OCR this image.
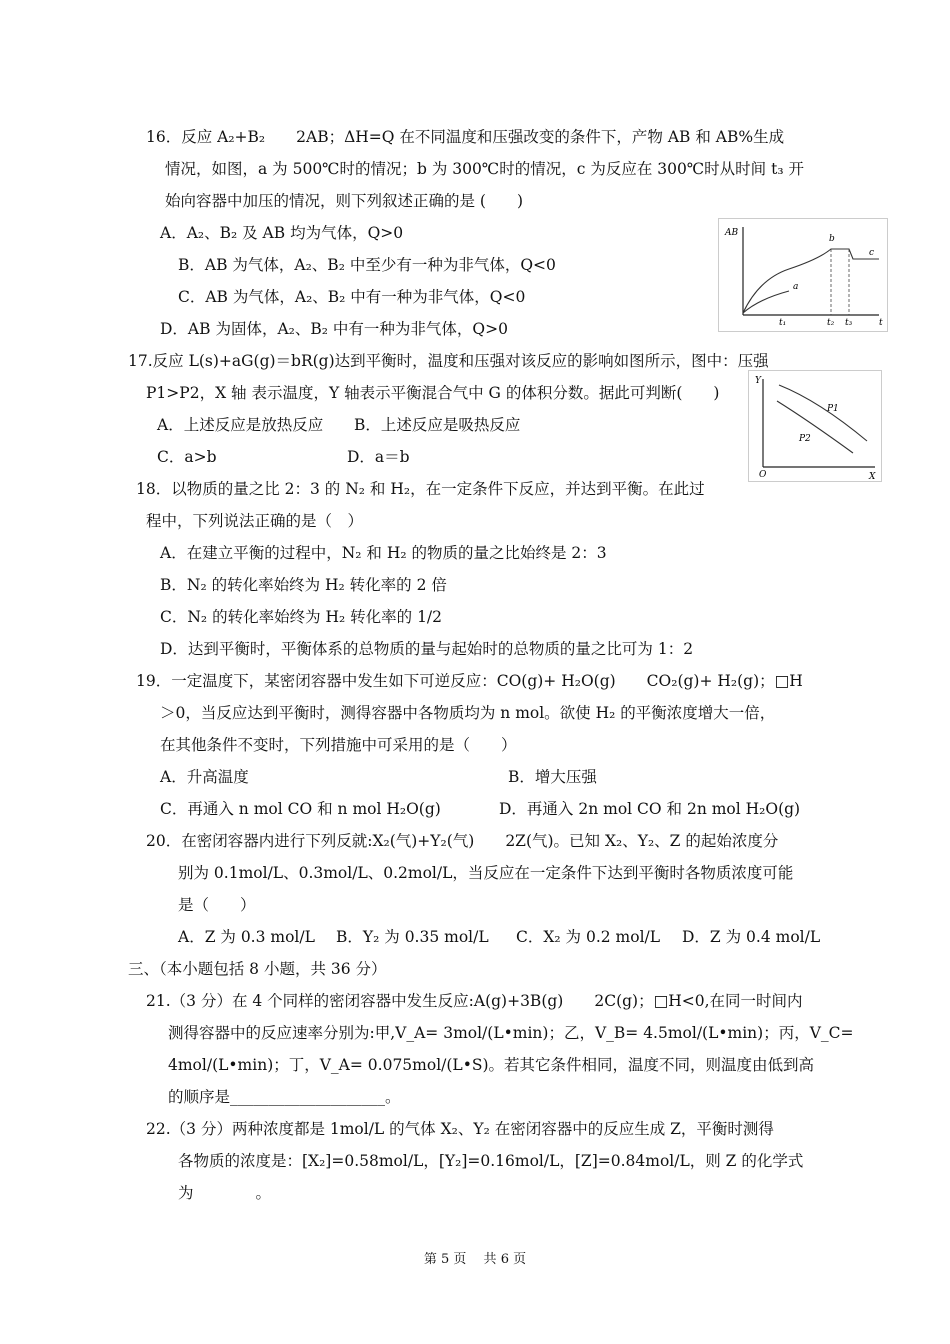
16．反应 A₂+B₂　　2AB；ΔH=Q 在不同温度和压强改变的条件下，产物 AB 和 AB%生成
情况，如图，a 为 500℃时的情况；b 为 300℃时的情况，c 为反应在 300℃时从时间 t₃ 开
始向容器中加压的情况，则下列叙述正确的是 (　　)
A．A₂、B₂ 及 AB 均为气体，Q>0
B．AB 为气体，A₂、B₂ 中至少有一种为非气体，Q<0
C．AB 为气体，A₂、B₂ 中有一种为非气体，Q<0
D．AB 为固体，A₂、B₂ 中有一种为非气体，Q>0
AB
t
t₁	t₂ t₃
a
b
c
17.反应 L(s)+aG(g)＝bR(g)达到平衡时，温度和压强对该反应的影响如图所示，图中：压强
P1>P2，X 轴 表示温度，Y 轴表示平衡混合气中 G 的体积分数。据此可判断(　　)
A．上述反应是放热反应 B．上述反应是吸热反应
C．a>b	D．a＝b
Y
X
O
P1
P2
18．以物质的量之比 2：3 的 N₂ 和 H₂，在一定条件下反应，并达到平衡。在此过
程中，下列说法正确的是（　）
A．在建立平衡的过程中，N₂ 和 H₂ 的物质的量之比始终是 2：3
B．N₂ 的转化率始终为 H₂ 转化率的 2 倍
C．N₂ 的转化率始终为 H₂ 转化率的 1/2
D．达到平衡时，平衡体系的总物质的量与起始时的总物质的量之比可为 1：2
19．一定温度下，某密闭容器中发生如下可逆反应：CO(g)+ H₂O(g)　　CO₂(g)+ H₂(g)；□H
＞0，当反应达到平衡时，测得容器中各物质均为 n mol。欲使 H₂ 的平衡浓度增大一倍，
在其他条件不变时，下列措施中可采用的是（　　）
A．升高温度	B．增大压强
C．再通入 n mol CO 和 n mol H₂O(g)	D．再通入 2n mol CO 和 2n mol H₂O(g)
20．在密闭容器内进行下列反就:X₂(气)+Y₂(气)　　2Z(气)。已知 X₂、Y₂、Z 的起始浓度分
别为 0.1mol/L、0.3mol/L、0.2mol/L，当反应在一定条件下达到平衡时各物质浓度可能
是（　　）
A．Z 为 0.3 mol/L B．Y₂ 为 0.35 mol/L C．X₂ 为 0.2 mol/L D．Z 为 0.4 mol/L
三、（本小题包括 8 小题，共 36 分）
21.（3 分）在 4 个同样的密闭容器中发生反应:A(g)+3B(g)　　2C(g)；□H<0,在同一时间内
测得容器中的反应速率分别为:甲,V_A= 3mol/(L•min)；乙，V_B= 4.5mol/(L•min)；丙，V_C=
4mol/(L•min)；丁，V_A= 0.075mol/(L•S)。若其它条件相同，温度不同，则温度由低到高
的顺序是____________________。
22.（3 分）两种浓度都是 1mol/L 的气体 X₂、Y₂ 在密闭容器中的反应生成 Z，平衡时测得
各物质的浓度是：[X₂]=0.58mol/L，[Y₂]=0.16mol/L，[Z]=0.84mol/L，则 Z 的化学式
为　　　　。
第 5 页　 共 6 页
